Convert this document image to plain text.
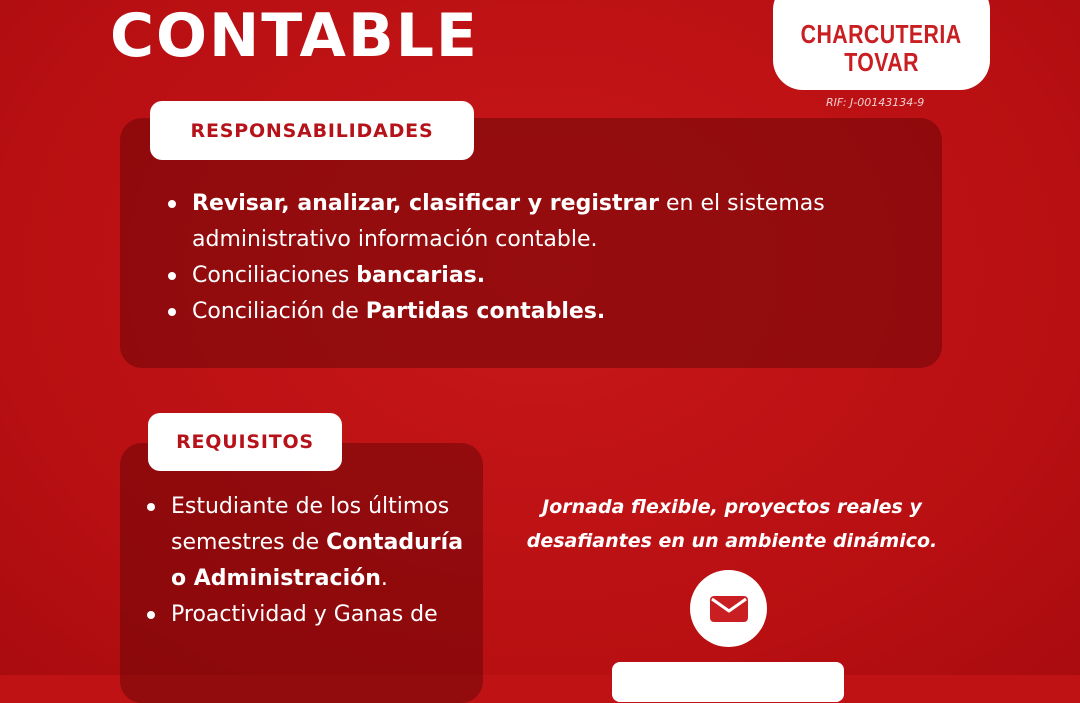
CONTABLE	CHARCUTERIA
TOVAR
RIF: J-00143134-9
RESPONSABILIDADES
Revisar, analizar, clasificar y registrar en el sistemas administrativo información contable.
Conciliaciones bancarias.
Conciliación de Partidas contables.
REQUISITOS
Estudiante de los últimos semestres de Contaduría o Administración.
Proactividad y Ganas de
Jornada flexible, proyectos reales y desafiantes en un ambiente dinámico.
